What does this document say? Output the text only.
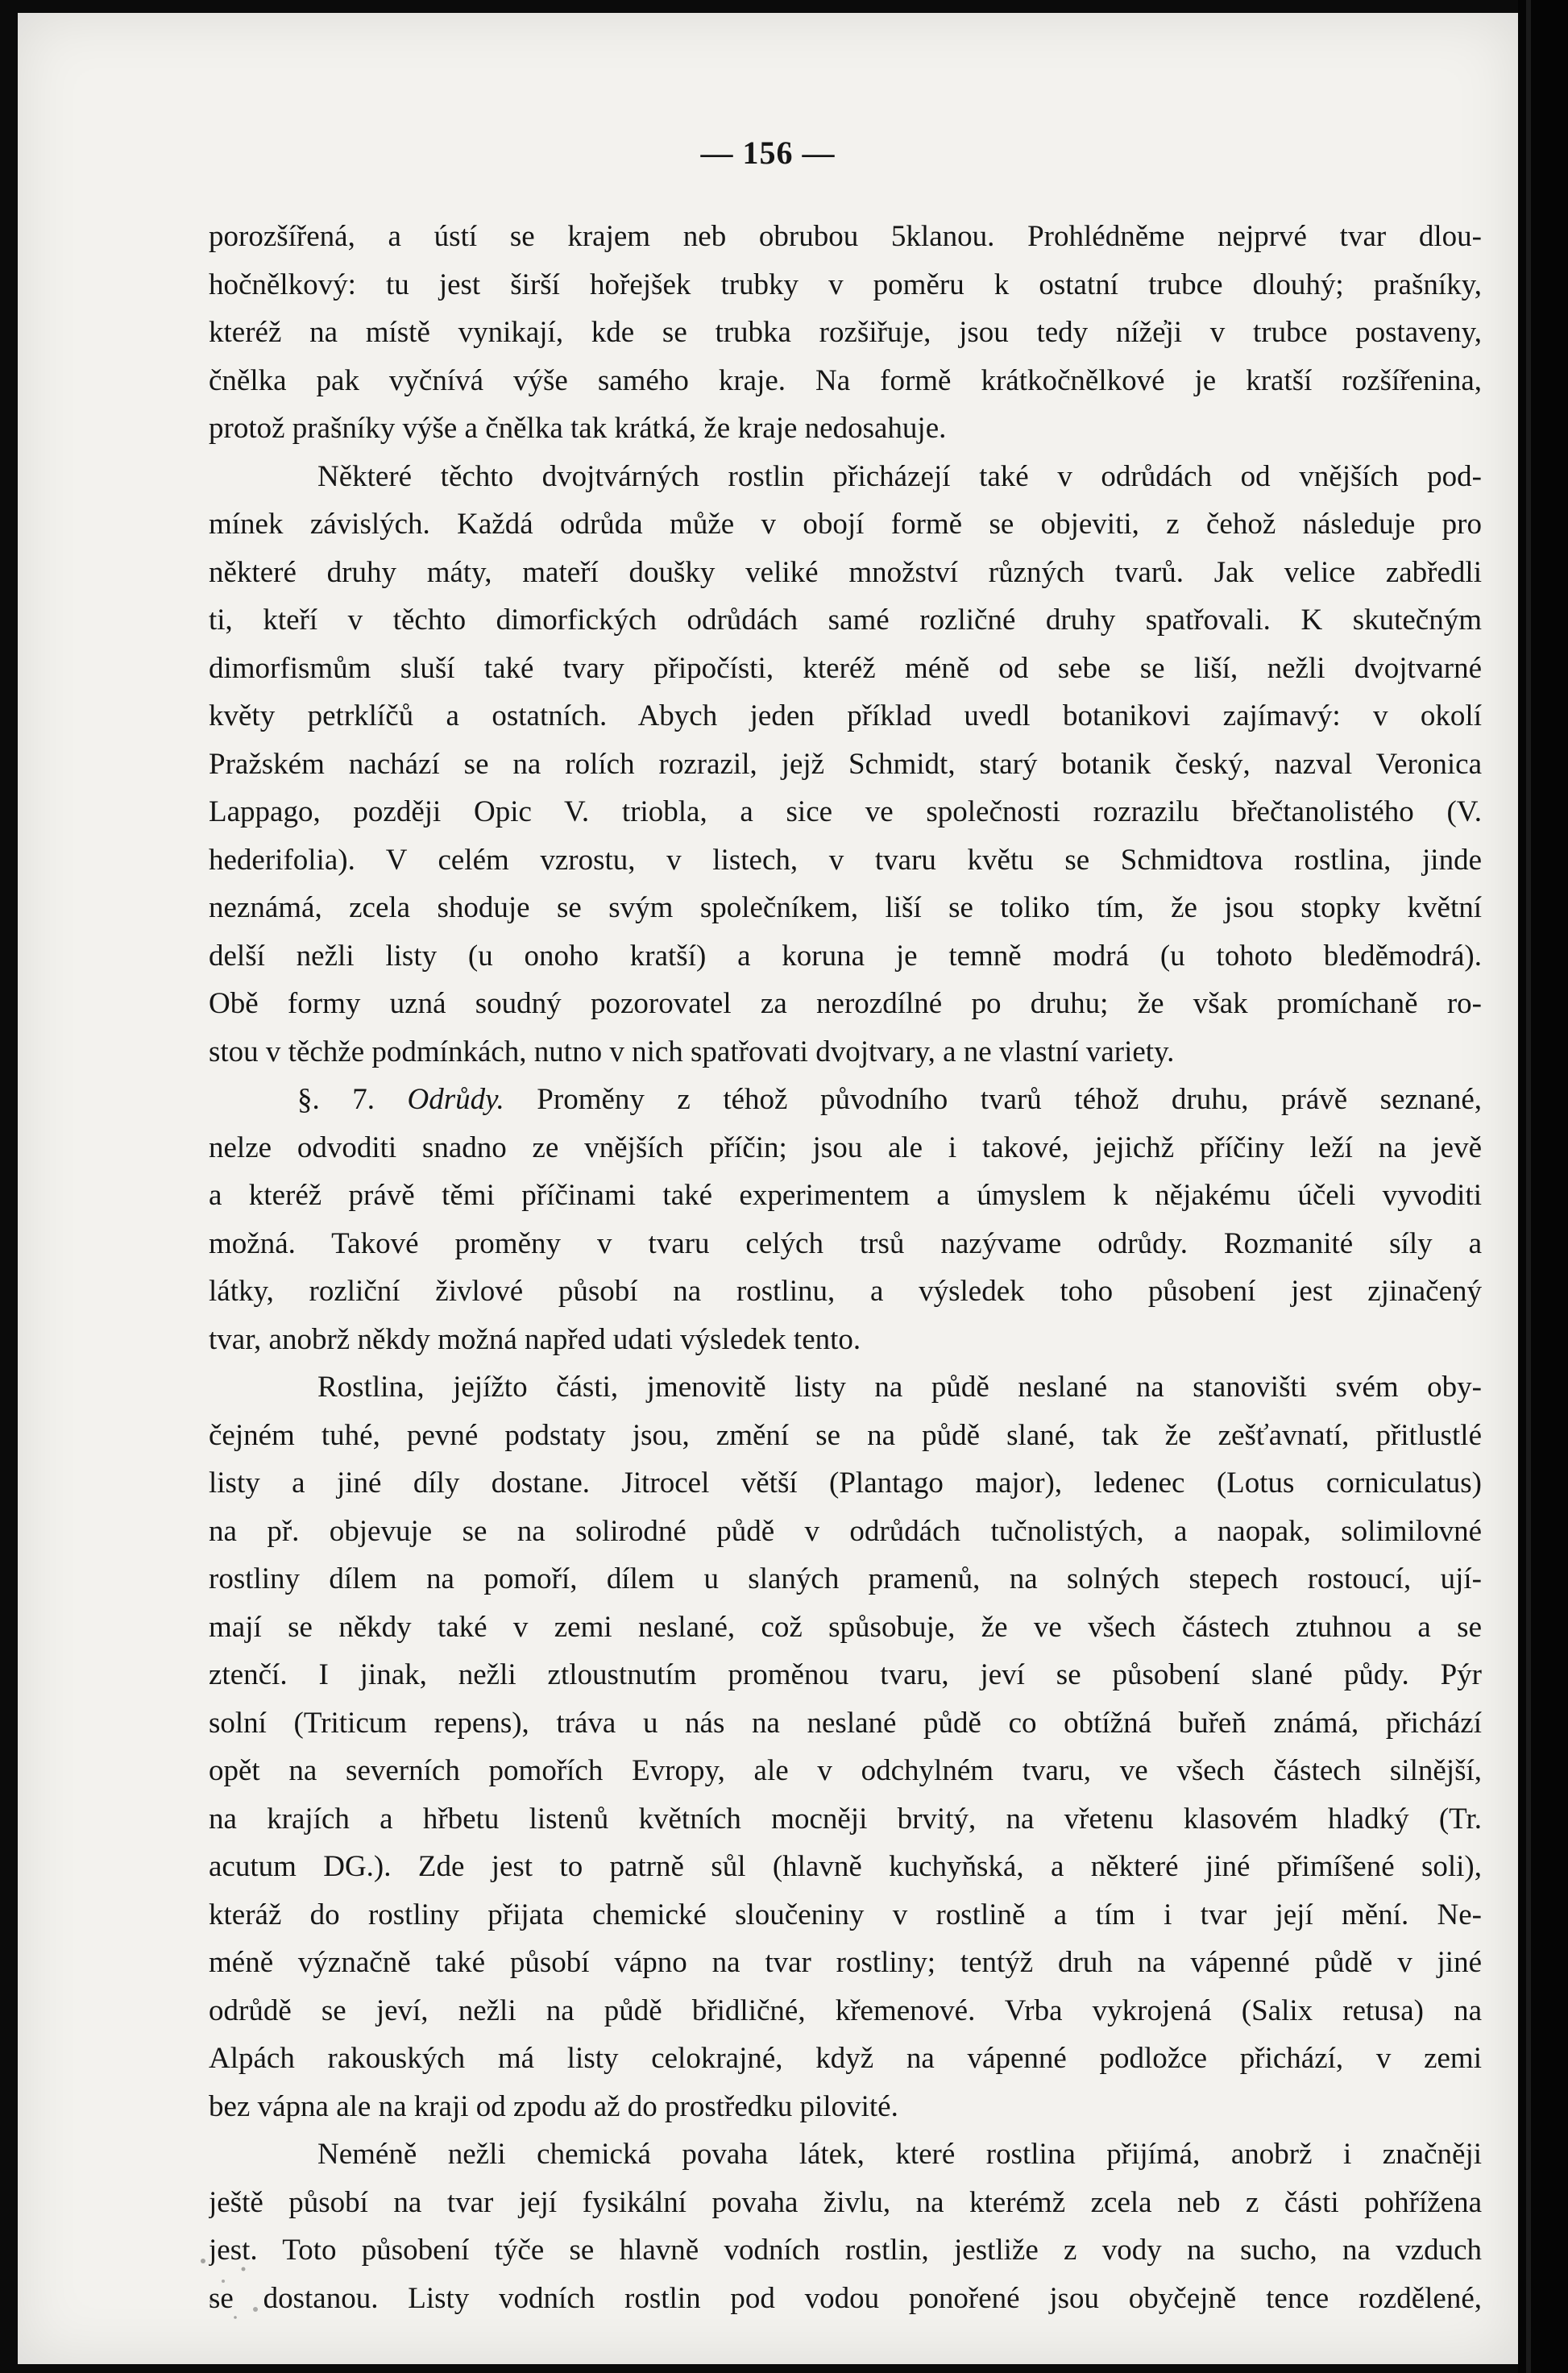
— 156 —
porozšířená, a ústí se krajem neb obrubou 5klanou. Prohlédněme nejprvé tvar dlou-
hočnělkový: tu jest širší hořejšek trubky v poměru k ostatní trubce dlouhý; prašníky,
kteréž na místě vynikají, kde se trubka rozšiřuje, jsou tedy níže̓ji v trubce postaveny,
čnělka pak vyčnívá výše samého kraje. Na formě krátkočnělkové je kratší rozšířenina,
protož prašníky výše a čnělka tak krátká, že kraje nedosahuje.
Některé těchto dvojtvárných rostlin přicházejí také v odrůdách od vnějších pod-
mínek závislých. Každá odrůda může v obojí formě se objeviti, z čehož následuje pro
některé druhy máty, mateří doušky veliké množství různých tvarů. Jak velice zabředli
ti, kteří v těchto dimorfických odrůdách samé rozličné druhy spatřovali. K skutečným
dimorfismům sluší také tvary připočísti, kteréž méně od sebe se liší, nežli dvojtvarné
květy petrklíčů a ostatních. Abych jeden příklad uvedl botanikovi zajímavý: v okolí
Pražském nachází se na rolích rozrazil, jejž Schmidt, starý botanik český, nazval Veronica
Lappago, později Opic V. triobla, a sice ve společnosti rozrazilu břečtanolistého (V.
hederifolia). V celém vzrostu, v listech, v tvaru květu se Schmidtova rostlina, jinde
neznámá, zcela shoduje se svým společníkem, liší se toliko tím, že jsou stopky květní
delší nežli listy (u onoho kratší) a koruna je temně modrá (u tohoto bleděmodrá).
Obě formy uzná soudný pozorovatel za nerozdílné po druhu; že však promíchaně ro-
stou v těchže podmínkách, nutno v nich spatřovati dvojtvary, a ne vlastní variety.
§. 7. Odrůdy. Proměny z téhož původního tvarů téhož druhu, právě seznané,
nelze odvoditi snadno ze vnějších příčin; jsou ale i takové, jejichž příčiny leží na jevě
a kteréž právě těmi příčinami také experimentem a úmyslem k nějakému účeli vyvoditi
možná. Takové proměny v tvaru celých trsů nazývame odrůdy. Rozmanité síly a
látky, rozliční živlové působí na rostlinu, a výsledek toho působení jest zjinačený
tvar, anobrž někdy možná napřed udati výsledek tento.
Rostlina, jejížto části, jmenovitě listy na půdě neslané na stanovišti svém oby-
čejném tuhé, pevné podstaty jsou, změní se na půdě slané, tak že zešťavnatí, přitlustlé
listy a jiné díly dostane. Jitrocel větší (Plantago major), ledenec (Lotus corniculatus)
na př. objevuje se na solirodné půdě v odrůdách tučnolistých, a naopak, solimilovné
rostliny dílem na pomoří, dílem u slaných pramenů, na solných stepech rostoucí, ují-
mají se někdy také v zemi neslané, což spůsobuje, že ve všech částech ztuhnou a se
ztenčí. I jinak, nežli ztloustnutím proměnou tvaru, jeví se působení slané půdy. Pýr
solní (Triticum repens), tráva u nás na neslané půdě co obtížná buřeň známá, přichází
opět na severních pomořích Evropy, ale v odchylném tvaru, ve všech částech silnější,
na krajích a hřbetu listenů květních mocněji brvitý, na vřetenu klasovém hladký (Tr.
acutum DG.). Zde jest to patrně sůl (hlavně kuchyňská, a některé jiné přimíšené soli),
kteráž do rostliny přijata chemické sloučeniny v rostlině a tím i tvar její mění. Ne-
méně význačně také působí vápno na tvar rostliny; tentýž druh na vápenné půdě v jiné
odrůdě se jeví, nežli na půdě břidličné, křemenové. Vrba vykrojená (Salix retusa) na
Alpách rakouských má listy celokrajné, když na vápenné podložce přichází, v zemi
bez vápna ale na kraji od zpodu až do prostředku pilovité.
Neméně nežli chemická povaha látek, které rostlina přijímá, anobrž i značněji
ještě působí na tvar její fysikální povaha živlu, na kterémž zcela neb z části pohřížena
jest. Toto působení týče se hlavně vodních rostlin, jestliže z vody na sucho, na vzduch
se dostanou. Listy vodních rostlin pod vodou ponořené jsou obyčejně tence rozdělené,
